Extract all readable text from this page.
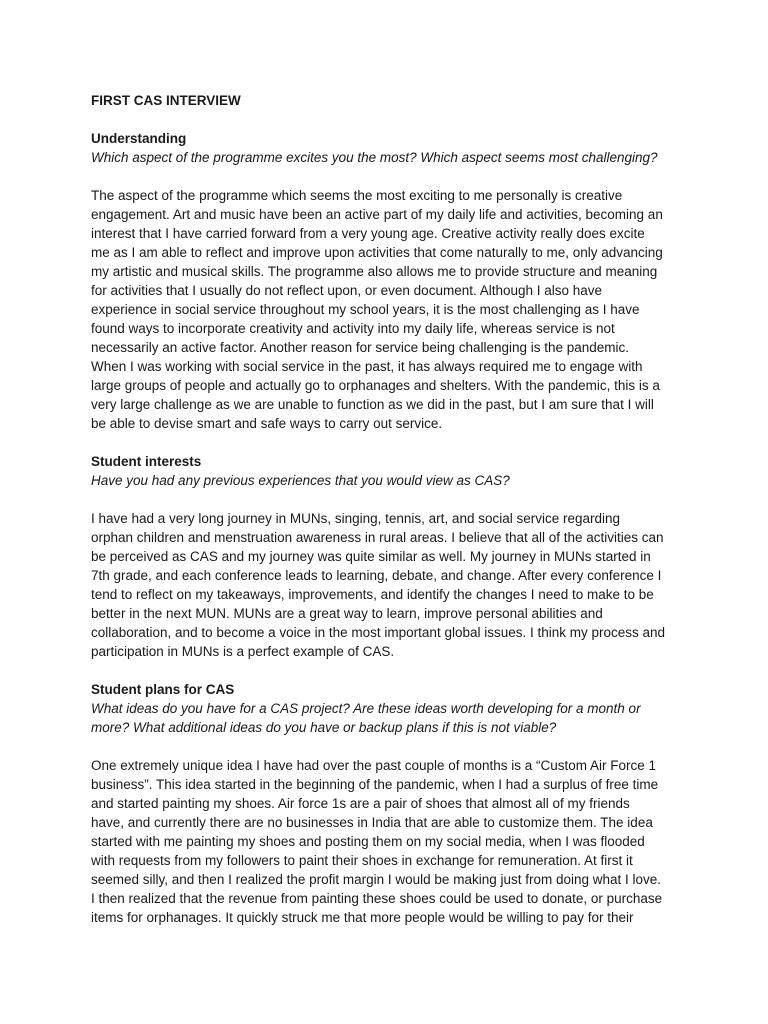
FIRST CAS INTERVIEW

Understanding

Which aspect of the programme excites you the most? Which aspect seems most challenging?

The aspect of the programme which seems the most exciting to me personally is creative
engagement. Art and music have been an active part of my daily life and activities, becoming an
interest that I have carried forward from a very young age. Creative activity really does excite
me as I am able to reflect and improve upon activities that come naturally to me, only advancing
my artistic and musical skills. The programme also allows me to provide structure and meaning
for activities that I usually do not reflect upon, or even document. Although I also have
experience in social service throughout my school years, it is the most challenging as I have
found ways to incorporate creativity and activity into my daily life, whereas service is not
necessarily an active factor. Another reason for service being challenging is the pandemic.
When I was working with social service in the past, it has always required me to engage with
large groups of people and actually go to orphanages and shelters. With the pandemic, this is a
very large challenge as we are unable to function as we did in the past, but I am sure that I will
be able to devise smart and safe ways to carry out service.

Student interests

Have you had any previous experiences that you would view as CAS?

I have had a very long journey in MUNs, singing, tennis, art, and social service regarding
orphan children and menstruation awareness in rural areas. I believe that all of the activities can
be perceived as CAS and my journey was quite similar as well. My journey in MUNs started in
7th grade, and each conference leads to learning, debate, and change. After every conference I
tend to reflect on my takeaways, improvements, and identify the changes I need to make to be
better in the next MUN. MUNs are a great way to learn, improve personal abilities and
collaboration, and to become a voice in the most important global issues. I think my process and
participation in MUNs is a perfect example of CAS.

Student plans for CAS

What ideas do you have for a CAS project? Are these ideas worth developing for a month or
more? What additional ideas do you have or backup plans if this is not viable?
One extremely unique idea I have had over the past couple of months is a “Custom Air Force 1
business”. This idea started in the beginning of the pandemic, when I had a surplus of free time
and started painting my shoes. Air force 1s are a pair of shoes that almost all of my friends
have, and currently there are no businesses in India that are able to customize them. The idea
started with me painting my shoes and posting them on my social media, when I was flooded
with requests from my followers to paint their shoes in exchange for remuneration. At first it
seemed silly, and then I realized the profit margin I would be making just from doing what I love.
I then realized that the revenue from painting these shoes could be used to donate, or purchase
items for orphanages. It quickly struck me that more people would be willing to pay for their
